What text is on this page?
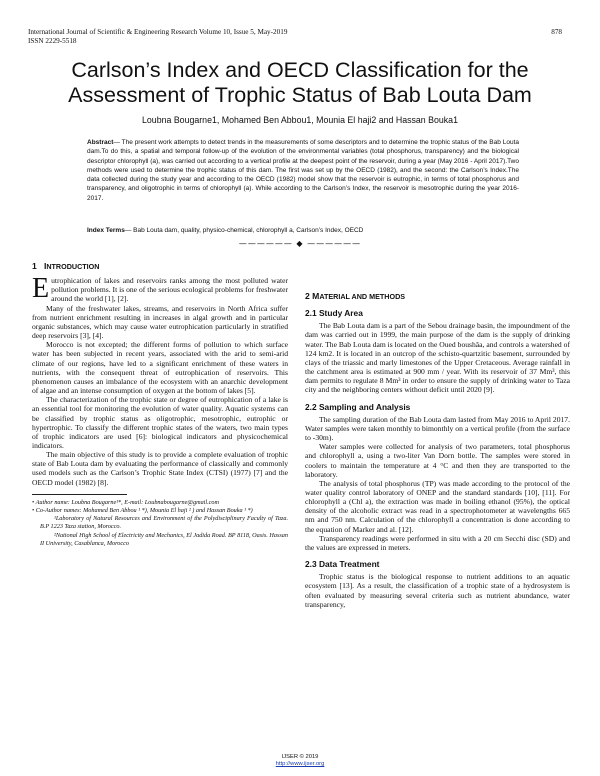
International Journal of Scientific & Engineering Research Volume 10, Issue 5, May-2019
ISSN 2229-5518
878
Carlson’s Index and OECD Classification for the Assessment of Trophic Status of Bab Louta Dam
Loubna Bougarne1, Mohamed Ben Abbou1, Mounia El haji2 and Hassan Bouka1
Abstract— The present work attempts to detect trends in the measurements of some descriptors and to determine the trophic status of the Bab Louta dam.To do this, a spatial and temporal follow-up of the evolution of the environmental variables (total phosphorus, transparency) and the biological descriptor chlorophyll (a), was carried out according to a vertical profile at the deepest point of the reservoir, during a year (May 2016 - April 2017).Two methods were used to determine the trophic status of this dam. The first was set up by the OECD (1982), and the second: the Carlson’s Index.The data collected during the study year and according to the OECD (1982) model show that the reservoir is eutrophic, in terms of total phosphorus and transparency, and oligotrophic in terms of chlorophyll (a). While according to the Carlson’s Index, the reservoir is mesotrophic during the year 2016-2017.
Index Terms— Bab Louta dam, quality, physico-chemical, chlorophyll a, Carlson’s Index, OECD
—————— ◆ ——————
1 INTRODUCTION

Eutrophication of lakes and reservoirs ranks among the most polluted water pollution problems. It is one of the serious ecological problems for freshwater around the world [1], [2].

Many of the freshwater lakes, streams, and reservoirs in North Africa suffer from nutrient enrichment resulting in increases in algal growth and in particular organic substances, which may cause water eutrophication particularly in stratified deep reservoirs [3], [4].

Morocco is not excepted; the different forms of pollution to which surface water has been subjected in recent years, associated with the arid to semi-arid climate of our regions, have led to a significant enrichment of these waters in nutrients, with the consequent threat of eutrophication of reservoirs. This phenomenon causes an imbalance of the ecosystem with an anarchic development of algae and an intense consumption of oxygen at the bottom of lakes [5].

The characterization of the trophic state or degree of eutrophication of a lake is an essential tool for monitoring the evolution of water quality. Aquatic systems can be classified by trophic status as oligotrophic, mesotrophic, eutrophic or hypertrophic. To classify the different trophic states of the waters, two main types of trophic indicators are used [6]: biological indicators and physicochemical indicators.

The main objective of this study is to provide a complete evaluation of trophic state of Bab Louta dam by evaluating the performance of classically and commonly used models such as the Carlson’s Trophic State Index (CTSI) (1977) [7] and the OECD model (1982) [8].

• Author name: Loubna Bougarne¹*, E-mail: Loubnabougarne@gmail.com

• Co-Author names: Mohamed Ben Abbou ¹ *), Mounia El haji ² ) and Hassan Bouka ¹ *)

¹Laboratory of Natural Resources and Environment of the Polydisciplinary Faculty of Taza. B.P 1223 Taza station, Morocco.

²National High School of Electricity and Mechanics, El Jadida Road. BP 8118, Oasis. Hassan II University, Casablanca, Morocco

2 MATERIAL AND METHODS
2.1 Study Area

The Bab Louta dam is a part of the Sebou drainage basin, the impoundment of the dam was carried out in 1999, the main purpose of the dam is the supply of drinking water. The Bab Louta dam is located on the Oued boushâa, and controls a watershed of 124 km2. It is located in an outcrop of the schisto-quartzitic basement, surrounded by clays of the triassic and marly limestones of the Upper Cretaceous. Average rainfall in the catchment area is estimated at 900 mm / year. With its reservoir of 37 Mm³, this dam permits to regulate 8 Mm³ in order to ensure the supply of drinking water to Taza city and the neighboring centers without deficit until 2020 [9].

2.2 Sampling and Analysis

The sampling duration of the Bab Louta dam lasted from May 2016 to April 2017. Water samples were taken monthly to bimonthly on a vertical profile (from the surface to -30m).

Water samples were collected for analysis of two parameters, total phosphorus and chlorophyll a, using a two-liter Van Dorn bottle. The samples were stored in coolers to maintain the temperature at 4 °C and then they are transported to the laboratory.

The analysis of total phosphorus (TP) was made according to the protocol of the water quality control laboratory of ONEP and the standard standards [10], [11]. For chlorophyll a (Chl a), the extraction was made in boiling ethanol (95%), the optical density of the alcoholic extract was read in a spectrophotometer at wavelengths 665 nm and 750 nm. Calculation of the chlorophyll a concentration is done according to the equation of Marker and al. [12].

Transparency readings were performed in situ with a 20 cm Secchi disc (SD) and the values are expressed in meters.

2.3 Data Treatment

Trophic status is the biological response to nutrient additions to an aquatic ecosystem [13]. As a result, the classification of a trophic state of a hydrosystem is often evaluated by measuring several criteria such as nutrient abundance, water transparency,

IJSER © 2019
http://www.ijser.org
